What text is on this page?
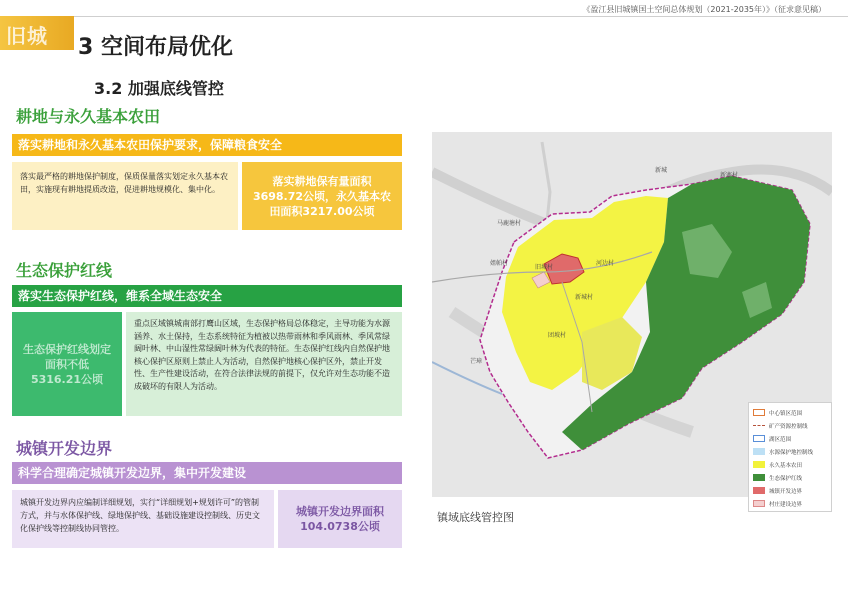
《盈江县旧城镇国土空间总体规划（2021-2035年）》（征求意见稿）
旧城 3 空间布局优化
3.2 加强底线管控
耕地与永久基本农田
落实耕地和永久基本农田保护要求，保障粮食安全
落实最严格的耕地保护制度，保质保量落实划定永久基本农田，实施现有耕地提质改造，促进耕地规模化、集中化。
落实耕地保有量面积3698.72公顷，永久基本农田面积3217.00公顷
生态保护红线
落实生态保护红线，维系全域生态安全
生态保护红线划定面积不低5316.21公顷
重点区域镇城南部打鹰山区域，生态保护格局总体稳定，主导功能为水源涵养、水土保持，生态系统特征为植被以热带雨林和季风雨林、季风常绿阔叶林、中山湿性常绿阔叶林为代表的特征。生态保护红线内自然保护地核心保护区原则上禁止人为活动，自然保护地核心保护区外，禁止开发性、生产性建设活动，在符合法律法规的前提下，仅允许对生态功能不造成破坏的有限人为活动。
城镇开发边界
科学合理确定城镇开发边界，集中开发建设
城镇开发边界内应编制详细规划，实行“详细规划+规划许可”的管制方式，并与水体保护线、绿地保护线、基础设施建设控制线、历史文化保护线等控制线协同管控。
城镇开发边界面积104.0738公顷
镇域底线管控图
中心镇区范围
矿产资源控制线
湖区范围
水源保护地控制线
永久基本农田
生态保护红线
城镇开发边界
村庄建设边界
旧城村
新城
姐帕村	河边村
新寨村
芒璋
新城村
马鹿塘村
团坡村
